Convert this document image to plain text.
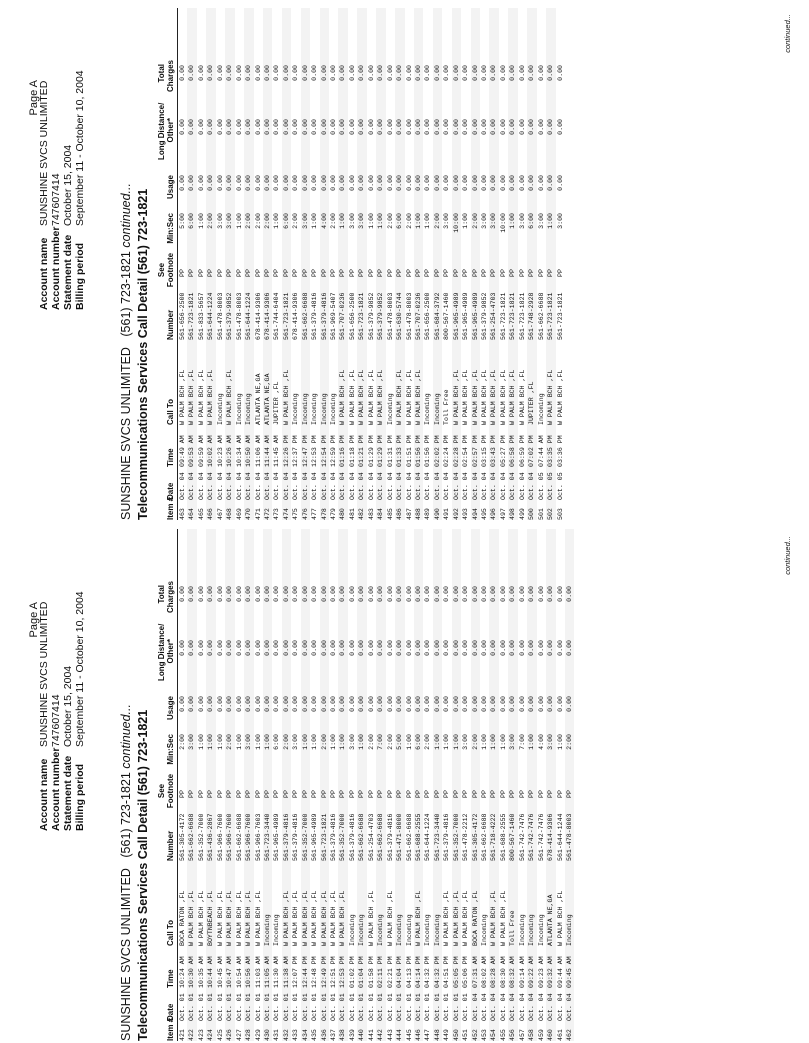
Page A
Account nameSUNSHINE SVCS UNLIMITED
Account number747607414
Statement dateOctober 15, 2004
Billing periodSeptember 11 - October 10, 2004
SUNSHINE SVCS UNLIMITED   (561) 723-1821 continued... Telecommunications Services Call Detail (561) 723-1821 Item #
Date
Time
Call To
Number
See
Footnote
Min:Sec
Usage
Long Distance/
Other*
Total
Charges
421
Oct. 01
10:24 AM
BOCA RATON ,FL
561-305-4172
PP
2:00
0.00
0.00
0.00
422
Oct. 01
10:30 AM
W PALM BCH ,FL
561-662-6688
PP
3:00
0.00
0.00
0.00
423
Oct. 01
10:35 AM
W PALM BCH ,FL
561-352-7000
PP
1:00
0.00
0.00
0.00
424
Oct. 01
10:44 AM
BOYTNBEACH ,FL
561-436-2867
PP
1:00
0.00
0.00
0.00
425
Oct. 01
10:45 AM
W PALM BCH ,FL
561-966-7600
PP
1:00
0.00
0.00
0.00
426
Oct. 01
10:47 AM
W PALM BCH ,FL
561-966-7600
PP
2:00
0.00
0.00
0.00
427
Oct. 01
10:54 AM
W PALM BCH ,FL
561-662-6688
PP
1:00
0.00
0.00
0.00
428
Oct. 01
10:56 AM
W PALM BCH ,FL
561-966-7600
PP
3:00
0.00
0.00
0.00
429
Oct. 01
11:03 AM
W PALM BCH ,FL
561-966-7603
PP
1:00
0.00
0.00
0.00
430
Oct. 01
11:05 AM
Incoming
561-723-3440
PP
1:00
0.00
0.00
0.00
431
Oct. 01
11:30 AM
Incoming
561-965-4989
PP
6:00
0.00
0.00
0.00
432
Oct. 01
11:38 AM
W PALM BCH ,FL
561-379-4816
PP
2:00
0.00
0.00
0.00
433
Oct. 01
12:07 PM
W PALM BCH ,FL
561-379-4816
PP
3:00
0.00
0.00
0.00
434
Oct. 01
12:44 PM
W PALM BCH ,FL
561-352-7000
PP
1:00
0.00
0.00
0.00
435
Oct. 01
12:48 PM
W PALM BCH ,FL
561-965-4989
PP
1:00
0.00
0.00
0.00
436
Oct. 01
12:49 PM
W PALM BCH ,FL
561-723-1821
PP
2:00
0.00
0.00
0.00
437
Oct. 01
12:51 PM
W PALM BCH ,FL
561-379-4816
PP
1:00
0.00
0.00
0.00
438
Oct. 01
12:53 PM
W PALM BCH ,FL
561-352-7000
PP
1:00
0.00
0.00
0.00
439
Oct. 01
01:02 PM
Incoming
561-379-4816
PP
3:00
0.00
0.00
0.00
440
Oct. 01
01:04 PM
Incoming
561-662-6688
PP
1:00
0.00
0.00
0.00
441
Oct. 01
01:58 PM
W PALM BCH ,FL
561-254-4703
PP
2:00
0.00
0.00
0.00
442
Oct. 01
02:11 PM
Incoming
561-662-6688
PP
7:00
0.00
0.00
0.00
443
Oct. 01
02:21 PM
W PALM BCH ,FL
561-379-4816
PP
2:00
0.00
0.00
0.00
444
Oct. 01
04:04 PM
Incoming
561-471-8000
PP
5:00
0.00
0.00
0.00
445
Oct. 01
04:13 PM
Incoming
561-662-6688
PP
1:00
0.00
0.00
0.00
446
Oct. 01
04:14 PM
W PALM BCH ,FL
561-688-2555
PP
6:00
0.00
0.00
0.00
447
Oct. 01
04:32 PM
Incoming
561-644-1224
PP
2:00
0.00
0.00
0.00
448
Oct. 01
04:32 PM
Incoming
561-723-3440
PP
1:00
0.00
0.00
0.00
449
Oct. 01
04:51 PM
W PALM BCH ,FL
561-379-4816
PP
1:00
0.00
0.00
0.00
450
Oct. 01
05:05 PM
W PALM BCH ,FL
561-352-7000
PP
1:00
0.00
0.00
0.00
451
Oct. 01
05:06 PM
W PALM BCH ,FL
561-478-2212
PP
3:00
0.00
0.00
0.00
452
Oct. 04
07:31 AM
BOCA RATON ,FL
561-305-4172
PP
2:00
0.00
0.00
0.00
453
Oct. 04
08:02 AM
Incoming
561-662-6688
PP
1:00
0.00
0.00
0.00
454
Oct. 04
08:28 AM
W PALM BCH ,FL
561-718-4222
PP
1:00
0.00
0.00
0.00
455
Oct. 04
08:30 AM
W PALM BCH ,FL
561-688-2555
PP
1:00
0.00
0.00
0.00
456
Oct. 04
08:32 AM
Toll Free
800-567-1460
PP
3:00
0.00
0.00
0.00
457
Oct. 04
09:14 AM
Incoming
561-742-7476
PP
7:00
0.00
0.00
0.00
458
Oct. 04
09:22 AM
Incoming
561-742-7476
PP
1:00
0.00
0.00
0.00
459
Oct. 04
09:23 AM
Incoming
561-742-7476
PP
4:00
0.00
0.00
0.00
460
Oct. 04
09:32 AM
ATLANTA NE,GA
678-414-9306
PP
3:00
0.00
0.00
0.00
461
Oct. 04
09:44 AM
W PALM BCH ,FL
561-644-1244
PP
1:00
0.00
0.00
0.00
462
Oct. 04
09:45 AM
Incoming
561-478-8003
PP
2:00
0.00
0.00
0.00
continued...
Page A
Account nameSUNSHINE SVCS UNLIMITED
Account number747607414
Statement dateOctober 15, 2004
Billing periodSeptember 11 - October 10, 2004
SUNSHINE SVCS UNLIMITED   (561) 723-1821 continued... Telecommunications Services Call Detail (561) 723-1821 Item #
Date
Time
Call To
Number
See
Footnote
Min:Sec
Usage
Long Distance/
Other*
Total
Charges
463
Oct. 04
09:49 AM
W PALM BCH ,FL
561-656-2500
PP
5:00
0.00
0.00
0.00
464
Oct. 04
09:53 AM
W PALM BCH ,FL
561-723-1821
PP
6:00
0.00
0.00
0.00
465
Oct. 04
09:59 AM
W PALM BCH ,FL
561-833-5657
PP
1:00
0.00
0.00
0.00
466
Oct. 04
10:02 AM
W PALM BCH ,FL
561-644-1224
PP
2:00
0.00
0.00
0.00
467
Oct. 04
10:23 AM
Incoming
561-478-8003
PP
3:00
0.00
0.00
0.00
468
Oct. 04
10:26 AM
W PALM BCH ,FL
561-379-9852
PP
3:00
0.00
0.00
0.00
469
Oct. 04
10:34 AM
Incoming
561-478-8003
PP
1:00
0.00
0.00
0.00
470
Oct. 04
10:50 AM
Incoming
561-644-1224
PP
2:00
0.00
0.00
0.00
471
Oct. 04
11:06 AM
ATLANTA NE,GA
678-414-9306
PP
2:00
0.00
0.00
0.00
472
Oct. 04
11:44 AM
ATLANTA NE,GA
678-414-9306
PP
2:00
0.00
0.00
0.00
473
Oct. 04
11:45 AM
JUPITER ,FL
561-744-6404
PP
1:00
0.00
0.00
0.00
474
Oct. 04
12:26 PM
W PALM BCH ,FL
561-723-1821
PP
6:00
0.00
0.00
0.00
475
Oct. 04
12:37 PM
Incoming
678-414-9306
PP
2:00
0.00
0.00
0.00
476
Oct. 04
12:47 PM
Incoming
561-662-6688
PP
3:00
0.00
0.00
0.00
477
Oct. 04
12:53 PM
Incoming
561-379-4816
PP
1:00
0.00
0.00
0.00
478
Oct. 04
12:54 PM
Incoming
561-379-4816
PP
4:00
0.00
0.00
0.00
479
Oct. 04
12:59 PM
Incoming
561-969-5407
PP
2:00
0.00
0.00
0.00
480
Oct. 04
01:16 PM
W PALM BCH ,FL
561-707-0236
PP
1:00
0.00
0.00
0.00
481
Oct. 04
01:18 PM
W PALM BCH ,FL
561-656-2500
PP
3:00
0.00
0.00
0.00
482
Oct. 04
01:21 PM
W PALM BCH ,FL
561-723-1821
PP
3:00
0.00
0.00
0.00
483
Oct. 04
01:29 PM
W PALM BCH ,FL
561-379-9852
PP
1:00
0.00
0.00
0.00
484
Oct. 04
01:29 PM
W PALM BCH ,FL
561-379-9852
PP
1:00
0.00
0.00
0.00
485
Oct. 04
01:31 PM
Incoming
561-478-8003
PP
2:00
0.00
0.00
0.00
486
Oct. 04
01:33 PM
W PALM BCH ,FL
561-630-5744
PP
6:00
0.00
0.00
0.00
487
Oct. 04
01:51 PM
W PALM BCH ,FL
561-478-8003
PP
2:00
0.00
0.00
0.00
488
Oct. 04
01:56 PM
W PALM BCH ,FL
561-707-0236
PP
1:00
0.00
0.00
0.00
489
Oct. 04
01:56 PM
Incoming
561-656-2500
PP
1:00
0.00
0.00
0.00
490
Oct. 04
02:02 PM
Incoming
561-684-3792
PP
2:00
0.00
0.00
0.00
491
Oct. 04
02:24 PM
Toll Free
800-567-1460
PP
3:00
0.00
0.00
0.00
492
Oct. 04
02:28 PM
W PALM BCH ,FL
561-965-4989
PP
10:00
0.00
0.00
0.00
493
Oct. 04
02:54 PM
W PALM BCH ,FL
561-965-4989
PP
1:00
0.00
0.00
0.00
494
Oct. 04
02:57 PM
W PALM BCH ,FL
561-965-4989
PP
2:00
0.00
0.00
0.00
495
Oct. 04
03:15 PM
W PALM BCH ,FL
561-379-9852
PP
3:00
0.00
0.00
0.00
496
Oct. 04
03:43 PM
W PALM BCH ,FL
561-254-4703
PP
3:00
0.00
0.00
0.00
497
Oct. 04
05:27 PM
W PALM BCH ,FL
561-723-1821
PP
10:00
0.00
0.00
0.00
498
Oct. 04
06:58 PM
W PALM BCH ,FL
561-723-1821
PP
1:00
0.00
0.00
0.00
499
Oct. 04
06:59 PM
W PALM BCH ,FL
561-723-1821
PP
3:00
0.00
0.00
0.00
500
Oct. 04
07:02 PM
JUPITER ,FL
561-748-2928
PP
6:00
0.00
0.00
0.00
501
Oct. 05
07:44 AM
Incoming
561-662-6688
PP
3:00
0.00
0.00
0.00
502
Oct. 05
03:35 PM
W PALM BCH ,FL
561-723-1821
PP
1:00
0.00
0.00
0.00
503
Oct. 05
03:36 PM
W PALM BCH ,FL
561-723-1821
PP
3:00
0.00
0.00
0.00
continued...
